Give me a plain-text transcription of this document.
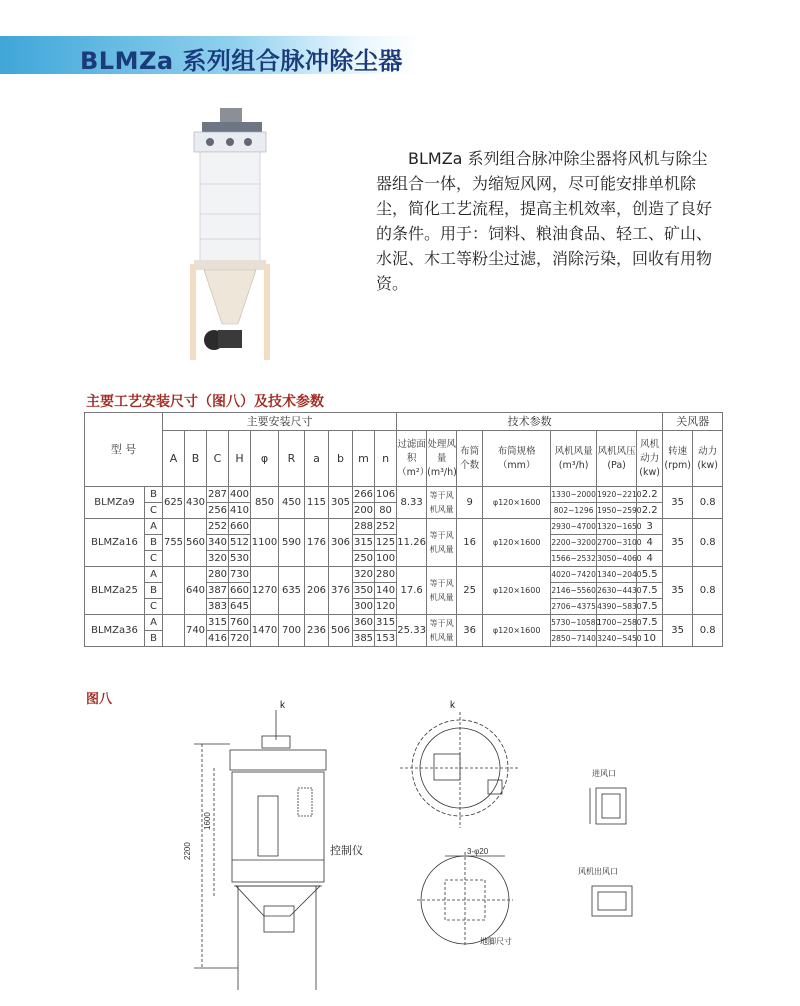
BLMZa 系列组合脉冲除尘器

BLMZa 系列组合脉冲除尘器将风机与除尘器组合一体，为缩短风网，尽可能安排单机除尘，简化工艺流程，提高主机效率，创造了良好的条件。用于：饲料、粮油食品、轻工、矿山、水泥、木工等粉尘过滤，消除污染，回收有用物资。

主要工艺安装尺寸（图八）及技术参数
型 号		主要安装尺寸										技术参数							关风器	
		A	B	C	H	φ	R	a	b	m	n	过滤面积（m²）	处理风量(m³/h)	布筒个数	布筒规格（mm）	风机风量(m³/h)	风机风压(Pa)	风机动力(kw)	转速(rpm)	动力(kw)
BLMZa9	B	625	430	287	400	850	450	115	305	266	106	8.33	等于风机风量	9	φ120×1600	1330~2000	1920~2210	2.2	35	0.8
	C			256	410					200	80					802~1296	1950~2590	2.2		
BLMZa16	A	755	560	252	660	1100	590	176	306	288	252	11.26	等于风机风量	16	φ120×1600	2930~4700	1320~1650	3	35	0.8
	B			340	512					315	125					2200~3200	2700~3100	4		
	C			320	530					250	100					1566~2532	3050~4060	4		
BLMZa25	A		640	280	730	1270	635	206	376	320	280	17.6	等于风机风量	25	φ120×1600	4020~7420	1340~2040	5.5	35	0.8
	B			387	660					350	140					2146~5560	2630~4430	7.5		
	C			383	645					300	120					2706~4375	4390~5830	7.5		
BLMZa36	A		740	315	760	1470	700	236	506	360	315	25.33	等于风机风量	36	φ120×1600	5730~10580	1700~2580	7.5	35	0.8
	B			416	720					385	153					2850~7140	3240~5450	10		
图八	k
2200
1600
控制仪
k
3-φ20
地脚尺寸
进风口
风机出风口
